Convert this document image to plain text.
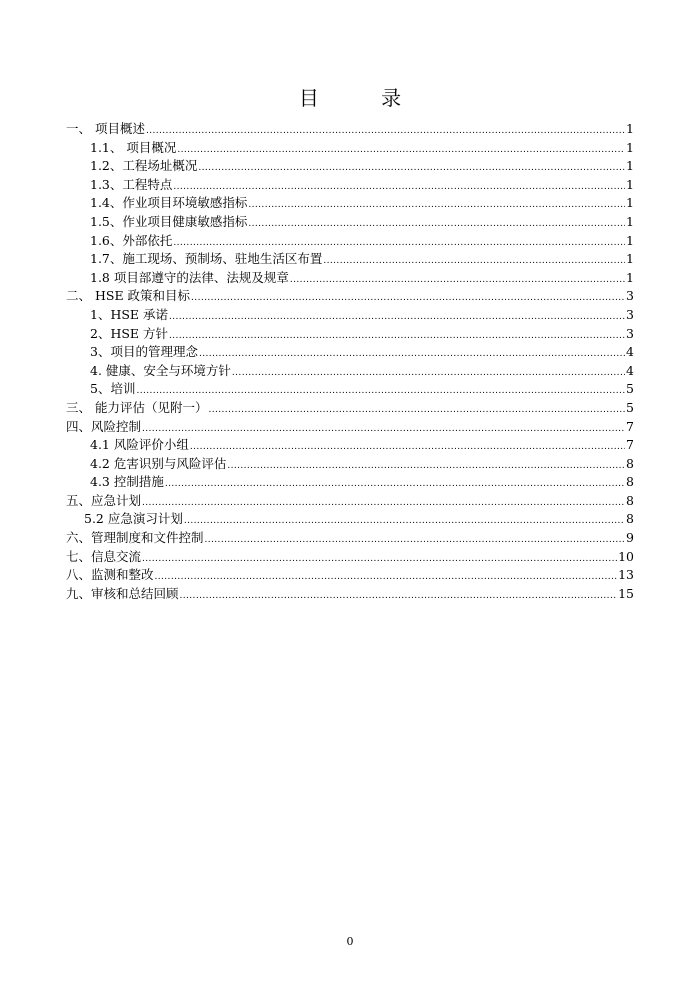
目 录
一、 项目概述 .....	1
1.1、 项目概况 .....	1
1.2、工程场址概况 .....	1
1.3、工程特点 .....	1
1.4、作业项目环境敏感指标 .....	1
1.5、作业项目健康敏感指标 .....	1
1.6、外部依托 .....	1
1.7、施工现场、预制场、驻地生活区布置 .....	1
1.8 项目部遵守的法律、法规及规章 .....	1
二、 HSE 政策和目标 .....	3
1、HSE 承诺 .....	3
2、HSE 方针 .....	3
3、项目的管理理念 .....	4
4. 健康、安全与环境方针 .....	4
5、培训 .....	5
三、 能力评估（见附一） .....	5
四、风险控制 .....	7
4.1 风险评价小组 .....	7
4.2 危害识别与风险评估 .....	8
4.3 控制措施 .....	8
五、应急计划 .....	8
5.2 应急演习计划 .....	8
六、管理制度和文件控制 .....	9
七、信息交流 .....	10
八、监测和整改 .....	13
九、审核和总结回顾 .....	15
0
